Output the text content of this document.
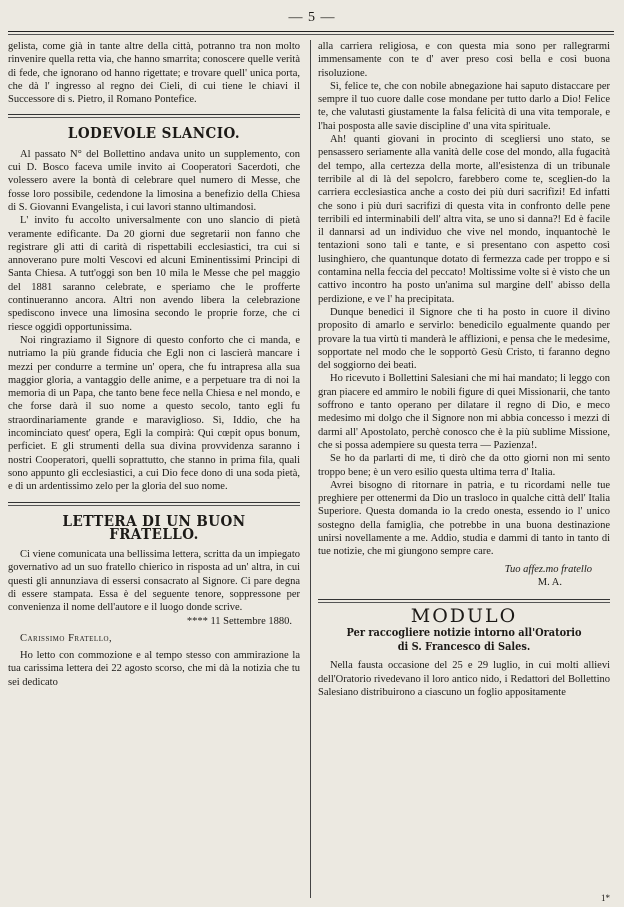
— 5 —

gelista, come già in tante altre della città, potranno tra non molto rinvenire quella retta via, che hanno smarrita; conoscere quelle verità di fede, che ignorano od hanno rigettate; e trovare quell' unica porta, che dà l' ingresso al regno dei Cieli, di cui tiene le chiavi il Successore di s. Pietro, il Romano Pontefice.

LODEVOLE SLANCIO.

Al passato N° del Bollettino andava unito un supplemento, con cui D. Bosco faceva umile invito ai Cooperatori Sacerdoti, che volessero avere la bontà di celebrare quel numero di Messe, che fosse loro possibile, cedendone la limosina a benefizio della Chiesa di S. Giovanni Evangelista, i cui lavori stanno ultimandosi.

L' invito fu accolto universalmente con uno slancio di pietà veramente edificante. Da 20 giorni due segretarii non fanno che registrare gli atti di carità di rispettabili ecclesiastici, tra cui si annoverano pure molti Vescovi ed alcuni Eminentissimi Principi di Santa Chiesa. A tutt'oggi son ben 10 mila le Messe che pel maggio del 1881 saranno celebrate, e speriamo che le profferte continueranno ancora. Altri non avendo libera la celebrazione spediscono invece una limosina secondo le proprie forze, che ci riesce oggidì opportunissima.

Noi ringraziamo il Signore di questo conforto che ci manda, e nutriamo la più grande fiducia che Egli non ci lascierà mancare i mezzi per condurre a termine un' opera, che fu intrapresa alla sua maggior gloria, a vantaggio delle anime, e a perpetuare tra di noi la memoria di un Papa, che tanto bene fece nella Chiesa e nel mondo, e che forse darà il suo nome a questo secolo, tanto egli fu straordinariamente grande e maraviglioso. Sì, Iddio, che ha incominciato quest' opera, Egli la compirà: Qui cœpit opus bonum, perficiet. E gli strumenti della sua divina provvidenza saranno i nostri Cooperatori, quelli soprattutto, che stanno in prima fila, quali sono appunto gli ecclesiastici, a cui Dio fece dono di una soda pietà, e di un ardentissimo zelo per la gloria del suo nome.

LETTERA DI UN BUON FRATELLO.

Ci viene comunicata una bellissima lettera, scritta da un impiegato governativo ad un suo fratello chierico in risposta ad un' altra, in cui questi gli annunziava di essersi consacrato al Signore. Ci pare degna di essere stampata. Essa è del seguente tenore, soppressone per convenienza il nome dell'autore e il luogo donde scrive.

**** 11 Settembre 1880.

Carissimo Fratello,

Ho letto con commozione e al tempo stesso con ammirazione la tua carissima lettera dei 22 agosto scorso, che mi dà la notizia che tu sei dedicato

alla carriera religiosa, e con questa mia sono per rallegrarmi immensamente con te d' aver preso così bella e così buona risoluzione.

Sì, felice te, che con nobile abnegazione hai saputo distaccare per sempre il tuo cuore dalle cose mondane per tutto darlo a Dio! Felice te, che valutasti giustamente la falsa felicità di una vita temporale, e l'hai posposta alle savie discipline d' una vita spirituale.

Ah! quanti giovani in procinto di scegliersi uno stato, se pensassero seriamente alla vanità delle cose del mondo, alla fugacità del tempo, alla certezza della morte, all'esistenza di un tribunale terribile al di là del sepolcro, farebbero come te, sceglien-do la carriera ecclesiastica anche a costo dei più duri sacrifizi! Ed infatti che sono i più duri sacrifizi di questa vita in confronto delle pene terribili ed interminabili dell' altra vita, se uno si danna?! Ed è facile il dannarsi ad un individuo che vive nel mondo, inquantochè le tentazioni sono tali e tante, e si presentano con aspetto così lusinghiero, che quantunque dotato di fermezza cade per troppo e si contamina nella feccia del peccato! Moltissime volte si è visto che un cattivo incontro ha posto un'anima sul margine dell' abisso della perdizione, e ve l' ha precipitata.

Dunque benedici il Signore che ti ha posto in cuore il divino proposito di amarlo e servirlo: benedicilo egualmente quando per provare la tua virtù ti manderà le afflizioni, e pensa che le medesime, sopportate nel modo che le sopportò Gesù Cristo, ti faranno degno del soggiorno dei beati.

Ho ricevuto i Bollettini Salesiani che mi hai mandato; li leggo con gran piacere ed ammiro le nobili figure di quei Missionarii, che tanto soffrono e tanto operano per dilatare il regno di Dio, e meco medesimo mi dolgo che il Signore non mi abbia concesso i mezzi di darmi all' Apostolato, perchè conosco che è la più sublime Missione, che si possa adempiere su questa terra — Pazienza!.

Se ho da parlarti di me, ti dirò che da otto giorni non mi sento troppo bene; è un vero esilio questa ultima terra d' Italia.

Avrei bisogno di ritornare in patria, e tu ricordami nelle tue preghiere per ottenermi da Dio un trasloco in qualche città dell' Italia Superiore. Questa domanda io la credo onesta, essendo io l' unico sostegno della famiglia, che potrebbe in una buona destinazione unirsi novellamente a me. Addio, studia e dammi di tanto in tanto di tue notizie, che mi giungono sempre care.

Tuo affez.mo fratello

M. A.

MODULO
Per raccogliere notizie intorno all'Oratorio di S. Francesco di Sales.

Nella fausta occasione del 25 e 29 luglio, in cui molti allievi dell'Oratorio rivedevano il loro antico nido, i Redattori del Bollettino Salesiano distribuirono a ciascuno un foglio appositamente

1*
